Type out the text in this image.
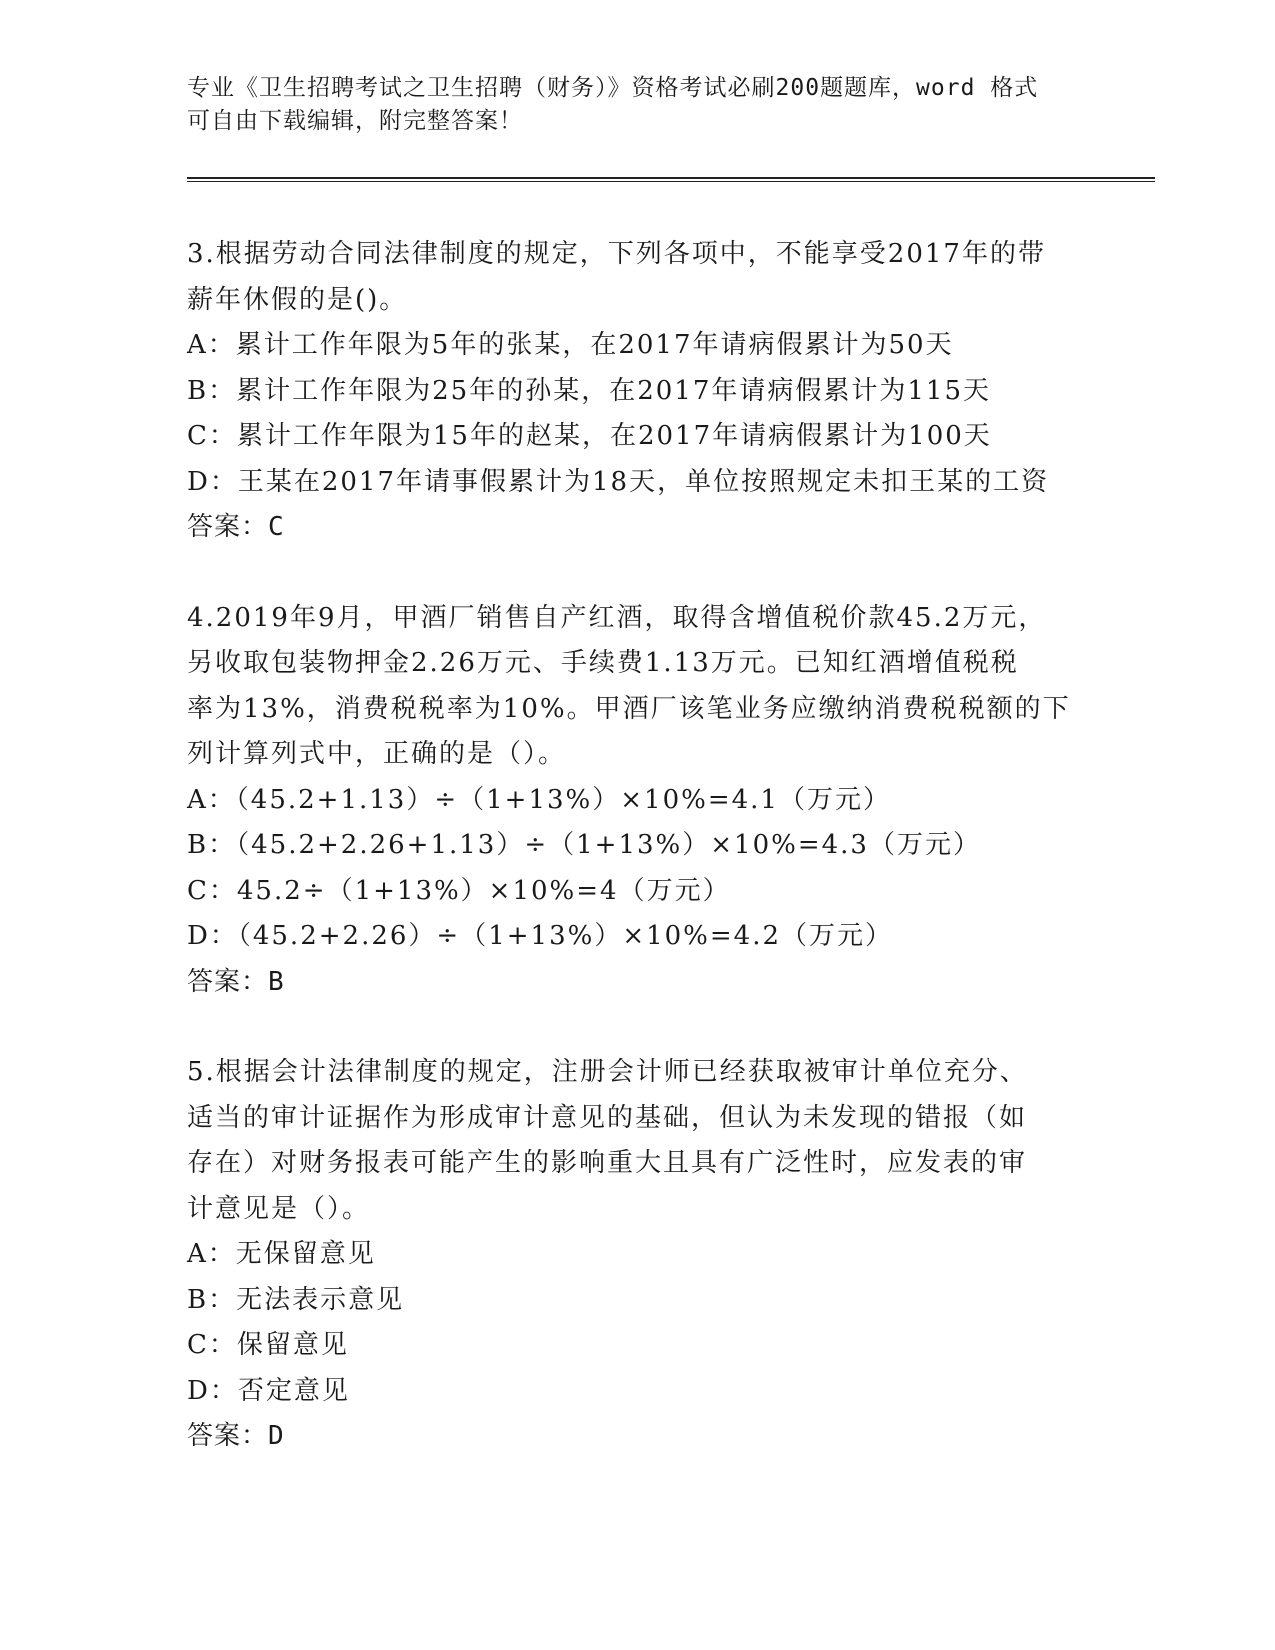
专业《卫生招聘考试之卫生招聘（财务）》资格考试必刷200题题库，word 格式
可自由下载编辑，附完整答案！

3.根据劳动合同法律制度的规定，下列各项中，不能享受2017年的带

薪年休假的是()。

A：累计工作年限为5年的张某，在2017年请病假累计为50天

B：累计工作年限为25年的孙某，在2017年请病假累计为115天

C：累计工作年限为15年的赵某，在2017年请病假累计为100天

D：王某在2017年请事假累计为18天，单位按照规定未扣王某的工资

答案：C

4.2019年9月，甲酒厂销售自产红酒，取得含增值税价款45.2万元，

另收取包装物押金2.26万元、手续费1.13万元。已知红酒增值税税

率为13%，消费税税率为10%。甲酒厂该笔业务应缴纳消费税税额的下

列计算列式中，正确的是（）。

A：（45.2+1.13）÷（1+13%）×10%=4.1（万元）

B：（45.2+2.26+1.13）÷（1+13%）×10%=4.3（万元）

C：45.2÷（1+13%）×10%=4（万元）

D：（45.2+2.26）÷（1+13%）×10%=4.2（万元）

答案：B

5.根据会计法律制度的规定，注册会计师已经获取被审计单位充分、

适当的审计证据作为形成审计意见的基础，但认为未发现的错报（如

存在）对财务报表可能产生的影响重大且具有广泛性时，应发表的审

计意见是（）。

A：无保留意见

B：无法表示意见

C：保留意见

D：否定意见

答案：D
